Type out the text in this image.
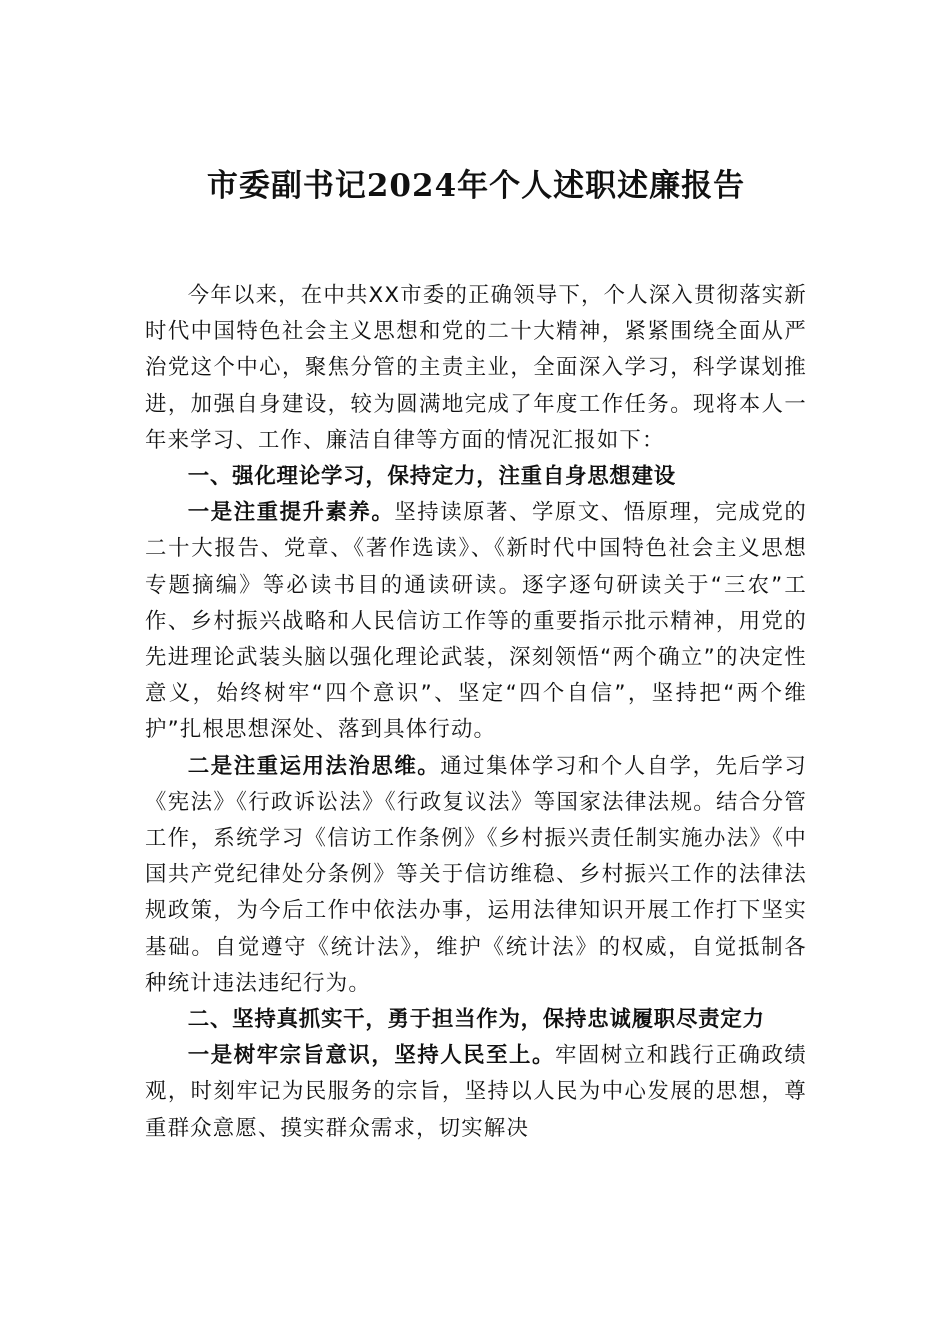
市委副书记2024年个人述职述廉报告

今年以来，在中共XX市委的正确领导下，个人深入贯彻落实新时代中国特色社会主义思想和党的二十大精神，紧紧围绕全面从严治党这个中心，聚焦分管的主责主业，全面深入学习，科学谋划推进，加强自身建设，较为圆满地完成了年度工作任务。现将本人一年来学习、工作、廉洁自律等方面的情况汇报如下：

一、强化理论学习，保持定力，注重自身思想建设

一是注重提升素养。坚持读原著、学原文、悟原理，完成党的二十大报告、党章、《著作选读》、《新时代中国特色社会主义思想专题摘编》等必读书目的通读研读。逐字逐句研读关于“三农”工作、乡村振兴战略和人民信访工作等的重要指示批示精神，用党的先进理论武装头脑以强化理论武装，深刻领悟“两个确立”的决定性意义，始终树牢“四个意识”、坚定“四个自信”，坚持把“两个维护”扎根思想深处、落到具体行动。

二是注重运用法治思维。通过集体学习和个人自学，先后学习《宪法》《行政诉讼法》《行政复议法》等国家法律法规。结合分管工作，系统学习《信访工作条例》《乡村振兴责任制实施办法》《中国共产党纪律处分条例》等关于信访维稳、乡村振兴工作的法律法规政策，为今后工作中依法办事，运用法律知识开展工作打下坚实基础。自觉遵守《统计法》，维护《统计法》的权威，自觉抵制各种统计违法违纪行为。

二、坚持真抓实干，勇于担当作为，保持忠诚履职尽责定力

一是树牢宗旨意识，坚持人民至上。牢固树立和践行正确政绩观，时刻牢记为民服务的宗旨，坚持以人民为中心发展的思想，尊重群众意愿、摸实群众需求，切实解决
